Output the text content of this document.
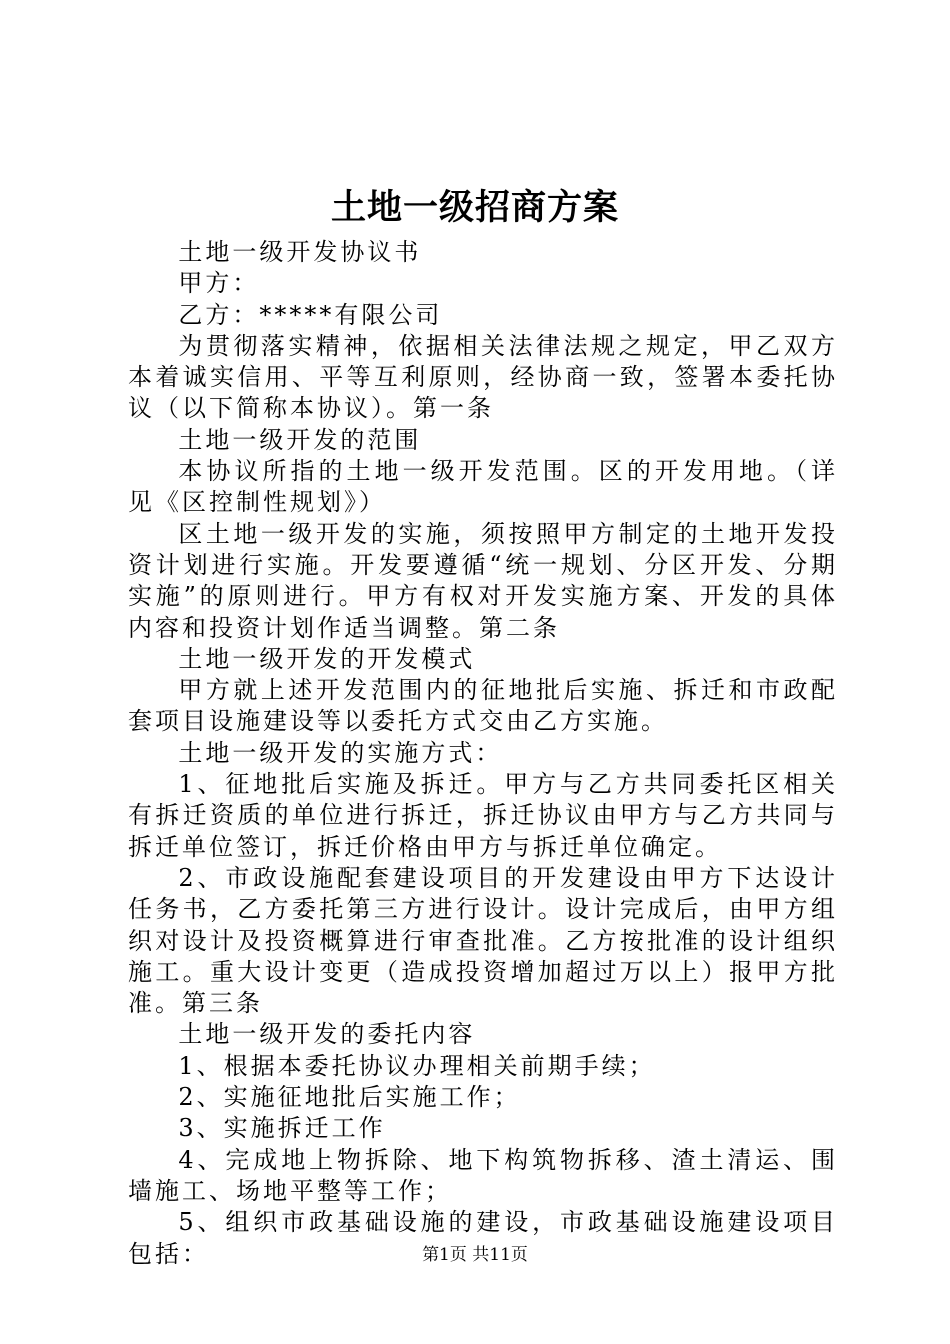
土地一级招商方案

土地一级开发协议书

甲方：

乙方：*****有限公司

为贯彻落实精神，依据相关法律法规之规定，甲乙双方本着诚实信用、平等互利原则，经协商一致，签署本委托协议（以下简称本协议）。第一条

土地一级开发的范围

本协议所指的土地一级开发范围。区的开发用地。（详见《区控制性规划》）

区土地一级开发的实施，须按照甲方制定的土地开发投资计划进行实施。开发要遵循“统一规划、分区开发、分期实施”的原则进行。甲方有权对开发实施方案、开发的具体内容和投资计划作适当调整。第二条

土地一级开发的开发模式

甲方就上述开发范围内的征地批后实施、拆迁和市政配套项目设施建设等以委托方式交由乙方实施。

土地一级开发的实施方式：

1、征地批后实施及拆迁。甲方与乙方共同委托区相关有拆迁资质的单位进行拆迁，拆迁协议由甲方与乙方共同与拆迁单位签订，拆迁价格由甲方与拆迁单位确定。

2、市政设施配套建设项目的开发建设由甲方下达设计任务书，乙方委托第三方进行设计。设计完成后，由甲方组织对设计及投资概算进行审查批准。乙方按批准的设计组织施工。重大设计变更（造成投资增加超过万以上）报甲方批准。第三条

土地一级开发的委托内容

1、根据本委托协议办理相关前期手续；

2、实施征地批后实施工作；

3、实施拆迁工作

4、完成地上物拆除、地下构筑物拆移、渣土清运、围墙施工、场地平整等工作；

5、组织市政基础设施的建设，市政基础设施建设项目包括：	第1页 共11页
